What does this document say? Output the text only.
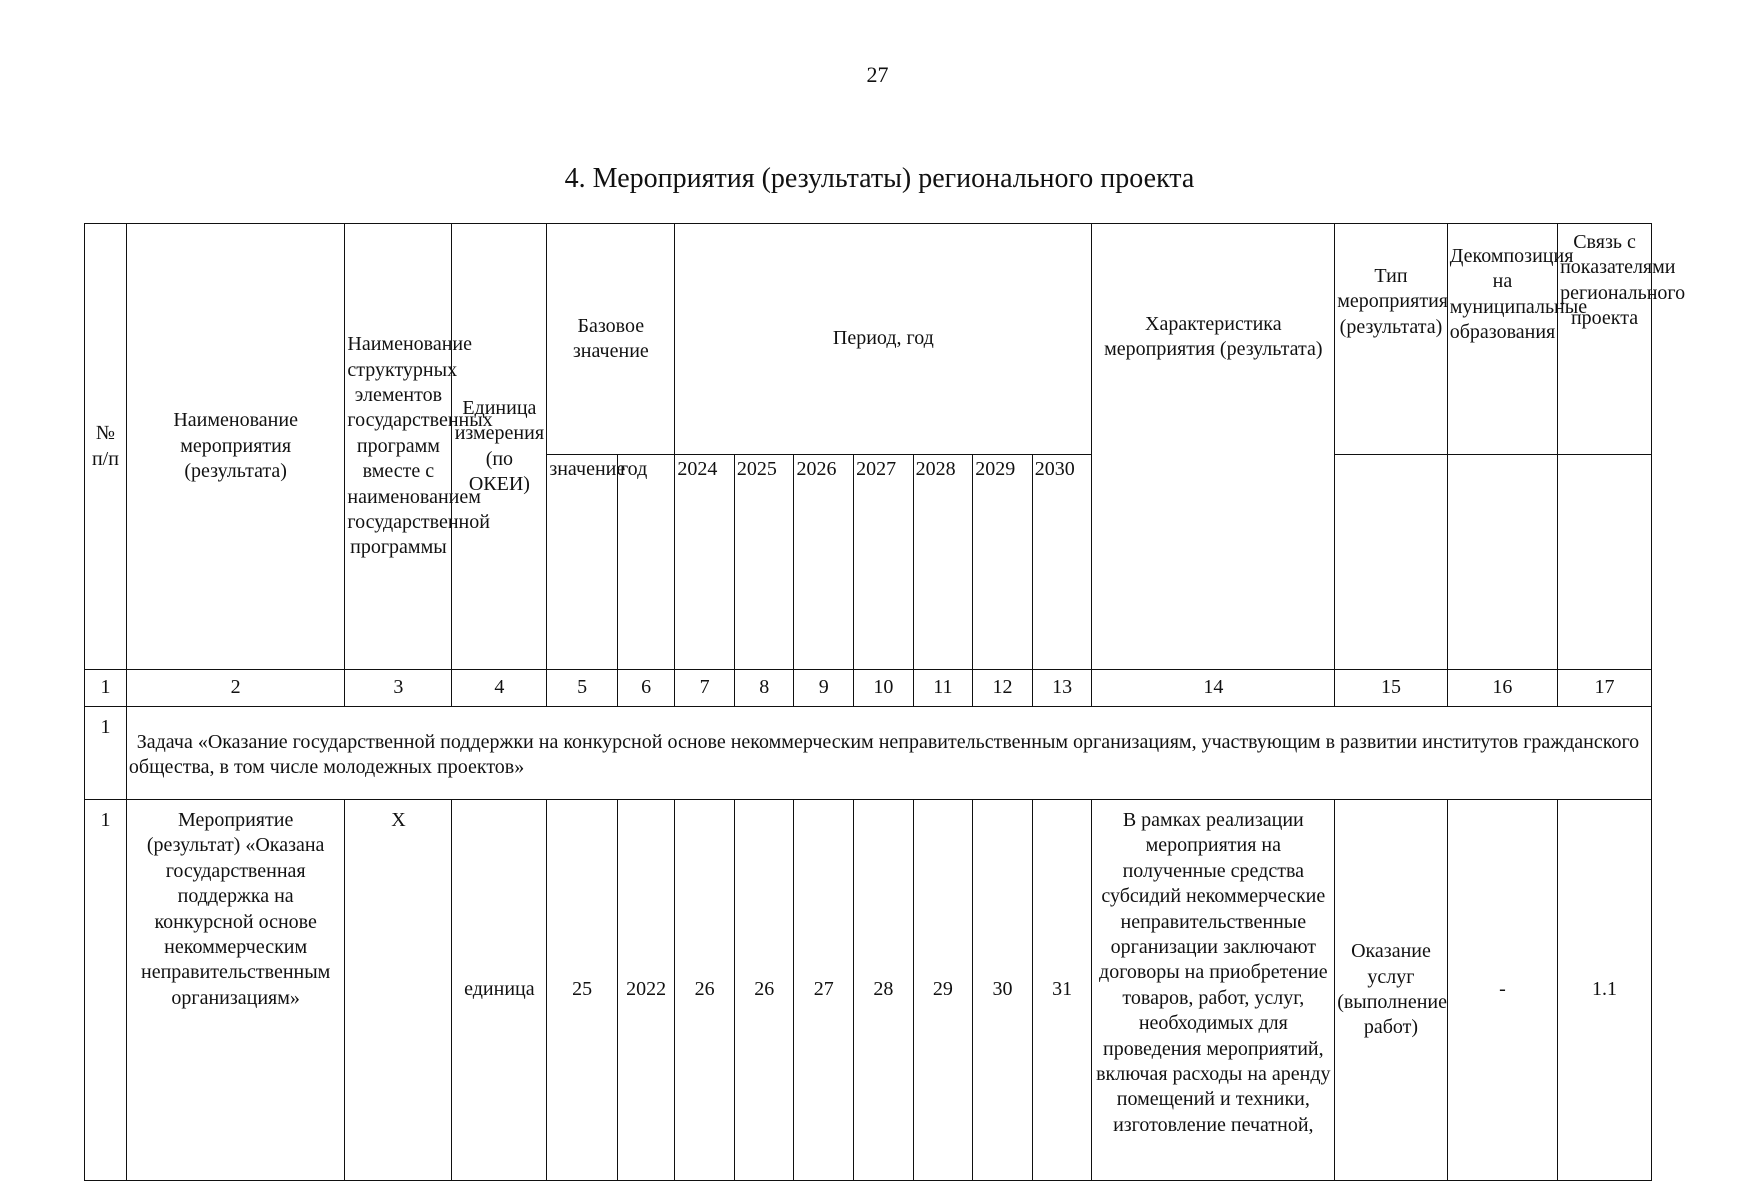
27
4. Мероприятия (результаты) регионального проекта
№ п/п	Наименование мероприятия (результата)	Наименование структурных элементов государственных программ вместе с наименованием государственной программы	Единица измерения (по ОКЕИ)	Базовое значение		Период, год							Характеристика мероприятия (результата)	Тип мероприятия (результата)	Декомпозиция на муниципальные образования	Связь с показателями регионального проекта
				значение	год	2024	2025	2026	2027	2028	2029	2030				
1	2	3	4	5	6	7	8	9	10	11	12	13	14	15	16	17
1	Задача «Оказание государственной поддержки на конкурсной основе некоммерческим неправительственным организациям, участвующим в развитии институтов гражданского общества, в том числе молодежных проектов»															
1	Мероприятие (результат) «Оказана государственная поддержка на конкурсной основе некоммерческим неправительственным организациям»	X	единица	25	2022	26	26	27	28	29	30	31	В рамках реализации мероприятия на полученные средства субсидий некоммерческие неправительственные организации заключают договоры на приобретение товаров, работ, услуг, необходимых для проведения мероприятий, включая расходы на аренду помещений и техники, изготовление печатной,	Оказание услуг (выполнение работ)	-	1.1
